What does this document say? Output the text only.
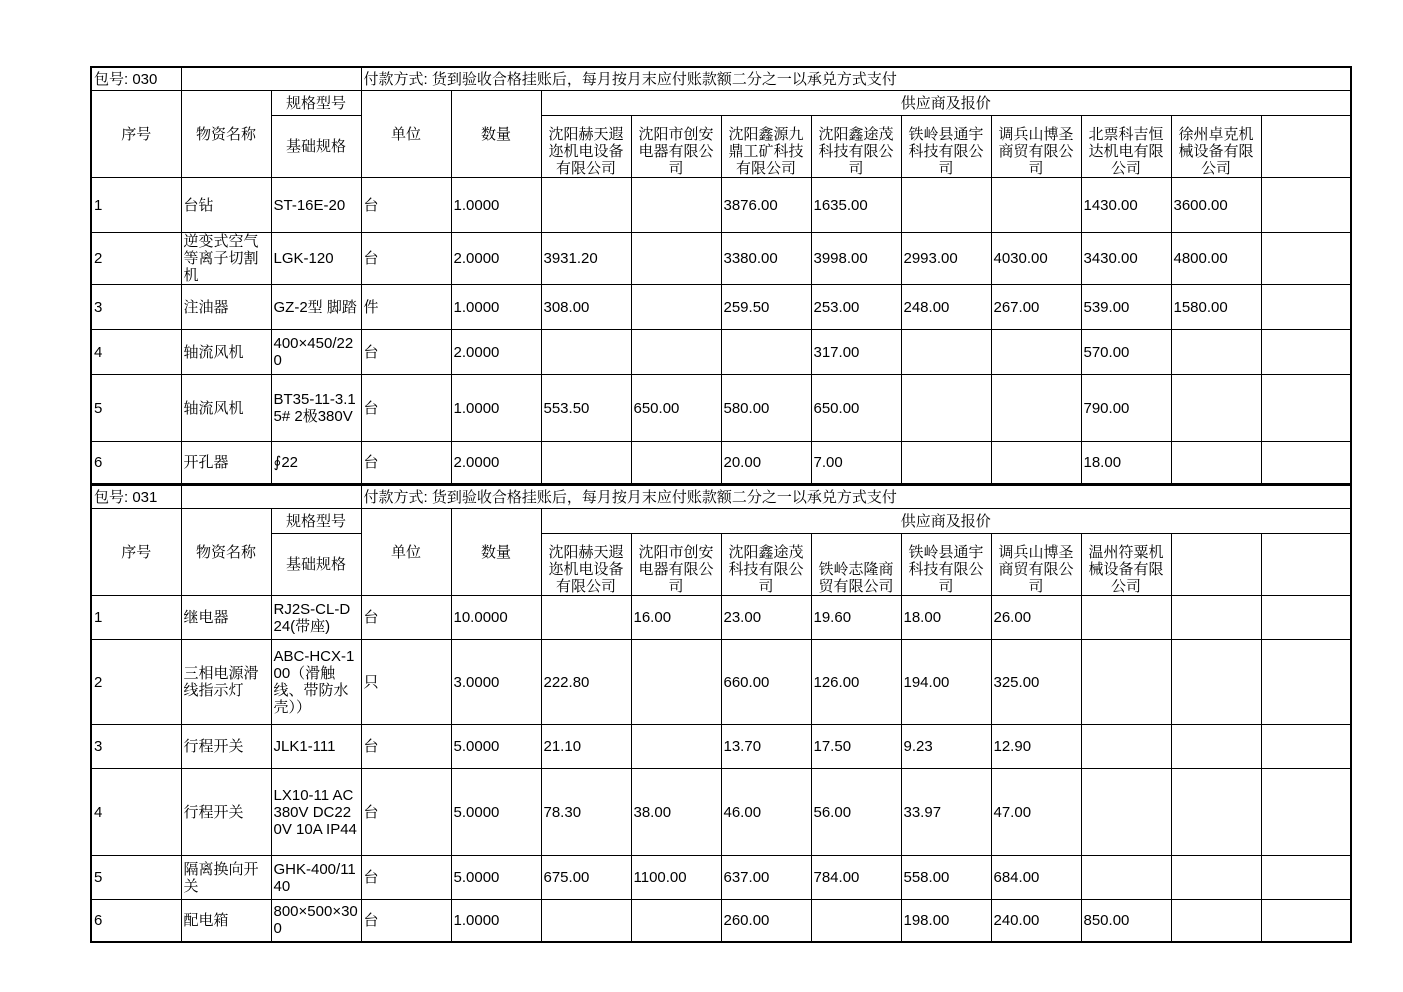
包号: 030			付款方式: 货到验收合格挂账后，每月按月末应付账款额二分之一以承兑方式支付										
序号	物资名称	规格型号	单位	数量	供应商及报价								
		基础规格			沈阳赫天遐迩机电设备有限公司	沈阳市创安电器有限公司	沈阳鑫源九鼎工矿科技有限公司	沈阳鑫途茂科技有限公司	铁岭县通宇科技有限公司	调兵山博圣商贸有限公司	北票科吉恒达机电有限公司	徐州卓克机械设备有限公司	
1	台钻	ST-16E-20	台	1.0000			3876.00	1635.00			1430.00	3600.00	
2	逆变式空气等离子切割机	LGK-120	台	2.0000	3931.20		3380.00	3998.00	2993.00	4030.00	3430.00	4800.00	
3	注油器	GZ-2型 脚踏	件	1.0000	308.00		259.50	253.00	248.00	267.00	539.00	1580.00	
4	轴流风机	400×450/220	台	2.0000				317.00			570.00		
5	轴流风机	BT35-11-3.15# 2极380V	台	1.0000	553.50	650.00	580.00	650.00			790.00		
6	开孔器	∮22	台	2.0000			20.00	7.00			18.00		
包号: 031			付款方式: 货到验收合格挂账后，每月按月末应付账款额二分之一以承兑方式支付										
序号	物资名称	规格型号	单位	数量	供应商及报价								
		基础规格			沈阳赫天遐迩机电设备有限公司	沈阳市创安电器有限公司	沈阳鑫途茂科技有限公司	铁岭志隆商贸有限公司	铁岭县通宇科技有限公司	调兵山博圣商贸有限公司	温州符粟机械设备有限公司		
1	继电器	RJ2S-CL-D24(带座)	台	10.0000		16.00	23.00	19.60	18.00	26.00			
2	三相电源滑线指示灯	ABC-HCX-100（滑触线、带防水壳））	只	3.0000	222.80		660.00	126.00	194.00	325.00			
3	行程开关	JLK1-111	台	5.0000	21.10		13.70	17.50	9.23	12.90			
4	行程开关	LX10-11 AC380V DC220V 10A IP44	台	5.0000	78.30	38.00	46.00	56.00	33.97	47.00			
5	隔离换向开关	GHK-400/1140	台	5.0000	675.00	1100.00	637.00	784.00	558.00	684.00			
6	配电箱	800×500×300	台	1.0000			260.00		198.00	240.00	850.00		
